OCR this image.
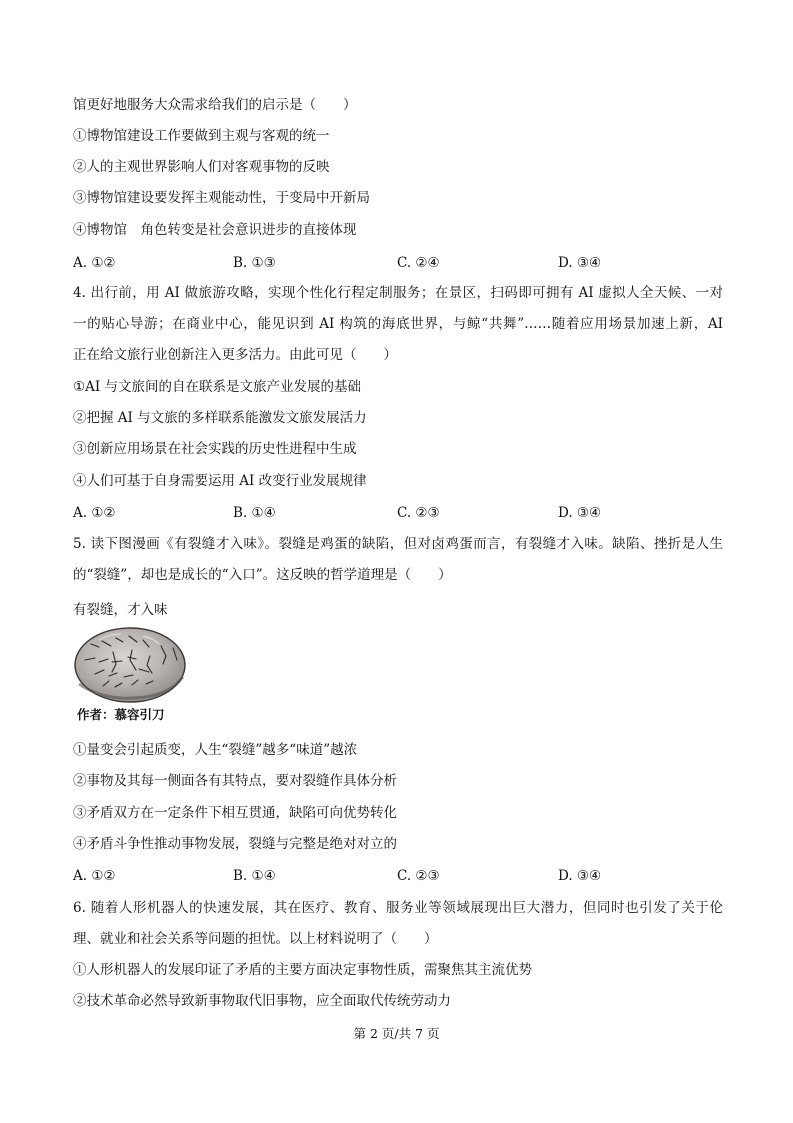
馆更好地服务大众需求给我们的启示是（　　）
①博物馆建设工作要做到主观与客观的统一
②人的主观世界影响人们对客观事物的反映
③博物馆建设要发挥主观能动性，于变局中开新局
④博物馆　角色转变是社会意识进步的直接体现
A. ①②	B. ①③	C. ②④	D. ③④
4. 出行前，用 AI 做旅游攻略，实现个性化行程定制服务；在景区，扫码即可拥有 AI 虚拟人全天候、一对
一的贴心导游；在商业中心，能见识到 AI 构筑的海底世界，与鲸“共舞”……随着应用场景加速上新，AI
正在给文旅行业创新注入更多活力。由此可见（　　）
①AI 与文旅间的自在联系是文旅产业发展的基础
②把握 AI 与文旅的多样联系能激发文旅发展活力
③创新应用场景在社会实践的历史性进程中生成
④人们可基于自身需要运用 AI 改变行业发展规律
A. ①②	B. ①④	C. ②③	D. ③④
5. 读下图漫画《有裂缝才入味》。裂缝是鸡蛋的缺陷，但对卤鸡蛋而言，有裂缝才入味。缺陷、挫折是人生
的“裂缝”，却也是成长的“入口”。这反映的哲学道理是（　　）
有裂缝，才入味
作者：慕容引刀
①量变会引起质变，人生“裂缝”越多“味道”越浓
②事物及其每一侧面各有其特点，要对裂缝作具体分析
③矛盾双方在一定条件下相互贯通，缺陷可向优势转化
④矛盾斗争性推动事物发展，裂缝与完整是绝对对立的
A. ①②	B. ①④	C. ②③	D. ③④
6. 随着人形机器人的快速发展，其在医疗、教育、服务业等领域展现出巨大潜力，但同时也引发了关于伦
理、就业和社会关系等问题的担忧。以上材料说明了（　　）
①人形机器人的发展印证了矛盾的主要方面决定事物性质，需聚焦其主流优势
②技术革命必然导致新事物取代旧事物，应全面取代传统劳动力
第 2 页/共 7 页
